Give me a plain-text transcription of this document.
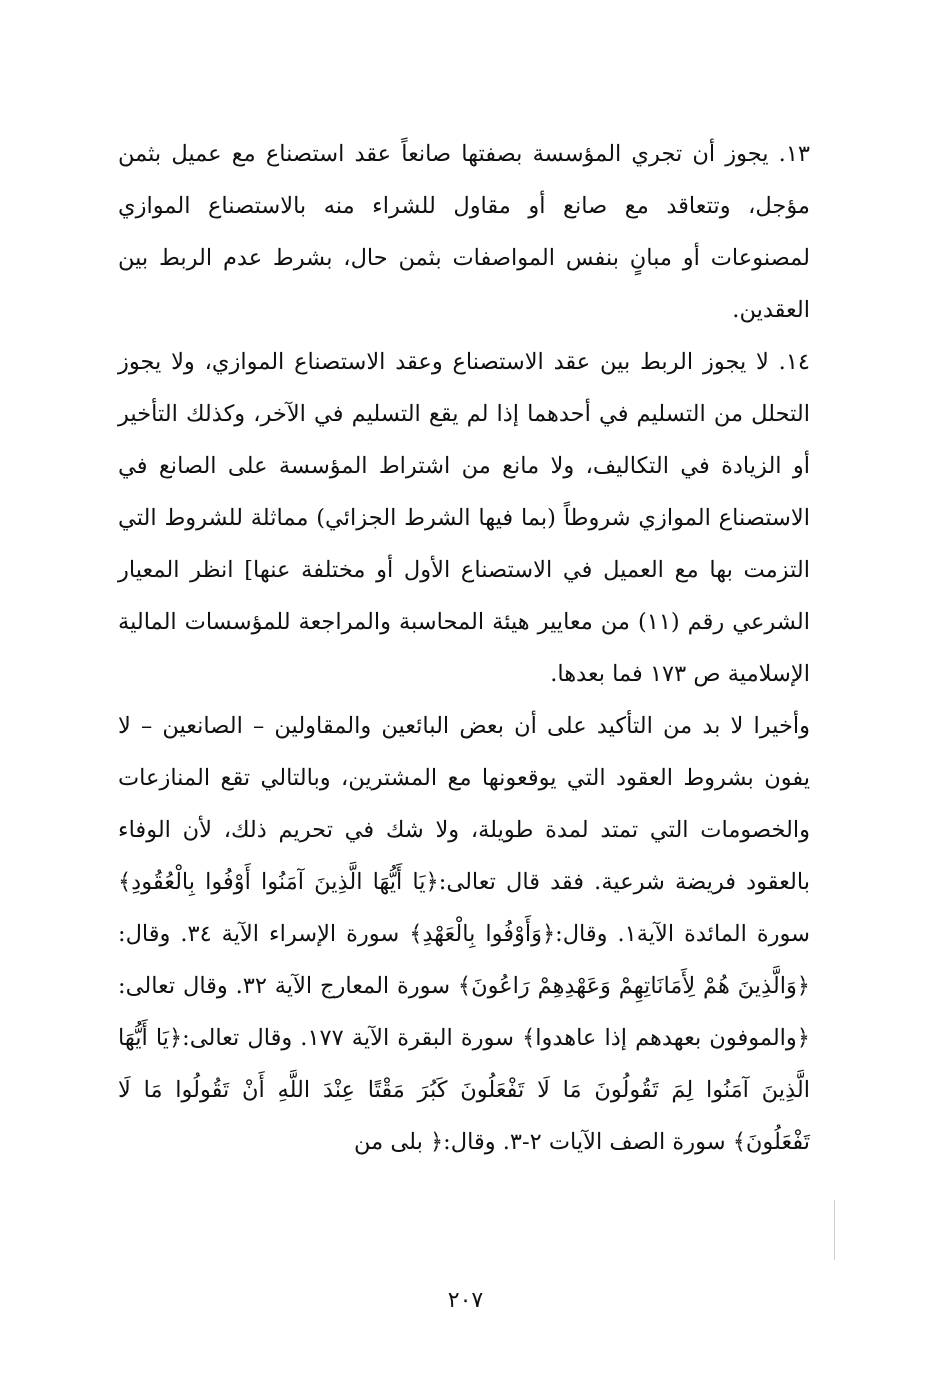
١٣. يجوز أن تجري المؤسسة بصفتها صانعاً عقد استصناع مع عميل بثمن مؤجل، وتتعاقد مع صانع أو مقاول للشراء منه بالاستصناع الموازي لمصنوعات أو مبانٍ بنفس المواصفات بثمن حال، بشرط عدم الربط بين العقدين.

١٤. لا يجوز الربط بين عقد الاستصناع وعقد الاستصناع الموازي، ولا يجوز التحلل من التسليم في أحدهما إذا لم يقع التسليم في الآخر، وكذلك التأخير أو الزيادة في التكاليف، ولا مانع من اشتراط المؤسسة على الصانع في الاستصناع الموازي شروطاً (بما فيها الشرط الجزائي) مماثلة للشروط التي التزمت بها مع العميل في الاستصناع الأول أو مختلفة عنها] انظر المعيار الشرعي رقم (١١) من معايير هيئة المحاسبة والمراجعة للمؤسسات المالية الإسلامية ص ١٧٣ فما بعدها.

وأخيرا لا بد من التأكيد على أن بعض البائعين والمقاولين – الصانعين – لا يفون بشروط العقود التي يوقعونها مع المشترين، وبالتالي تقع المنازعات والخصومات التي تمتد لمدة طويلة، ولا شك في تحريم ذلك، لأن الوفاء بالعقود فريضة شرعية. فقد قال تعالى:﴿يَا أَيُّهَا الَّذِينَ آمَنُوا أَوْفُوا بِالْعُقُودِ﴾ سورة المائدة الآية١. وقال:﴿وَأَوْفُوا بِالْعَهْدِ﴾ سورة الإسراء الآية ٣٤. وقال:﴿وَالَّذِينَ هُمْ لِأَمَانَاتِهِمْ وَعَهْدِهِمْ رَاعُونَ﴾ سورة المعارج الآية ٣٢. وقال تعالى:﴿والموفون بعهدهم إذا عاهدوا﴾ سورة البقرة الآية ١٧٧. وقال تعالى:﴿يَا أَيُّهَا الَّذِينَ آمَنُوا لِمَ تَقُولُونَ مَا لَا تَفْعَلُونَ كَبُرَ مَقْتًا عِنْدَ اللَّهِ أَنْ تَقُولُوا مَا لَا تَفْعَلُونَ﴾ سورة الصف الآيات ٢-٣. وقال:﴿ بلى من

٢٠٧
